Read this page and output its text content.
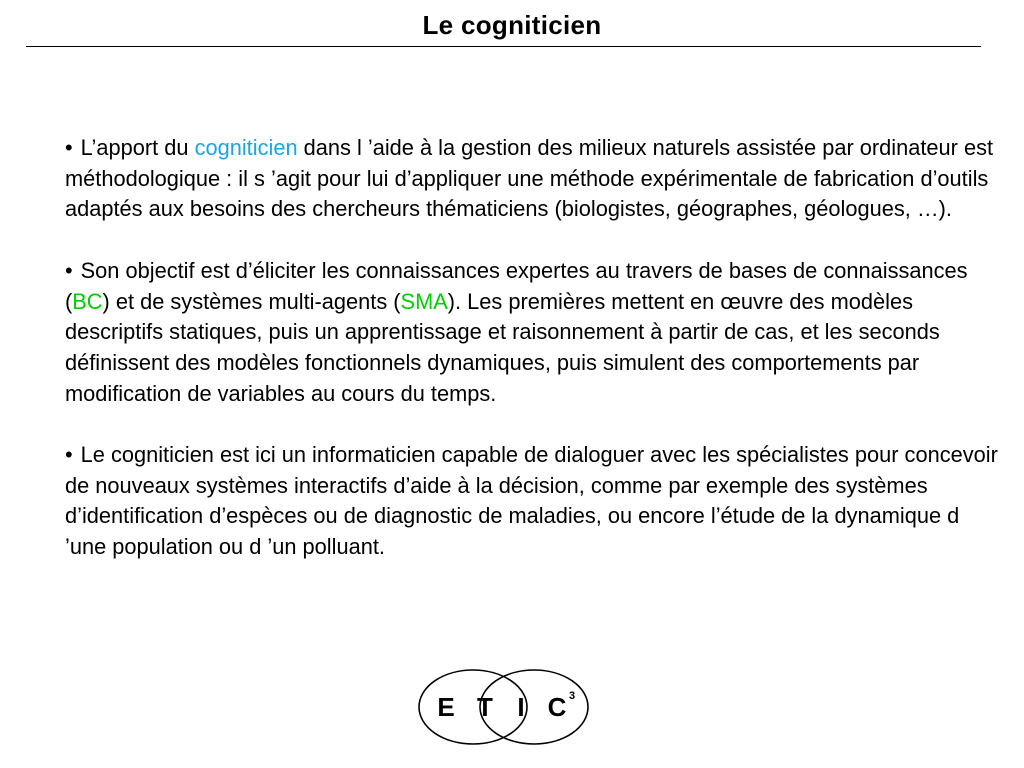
Le cogniticien

• L’apport du cogniticien dans l ’aide à la gestion des milieux naturels assistée par ordinateur est méthodologique : il s ’agit pour lui d’appliquer une méthode expérimentale de fabrication d’outils adaptés aux besoins des chercheurs thématiciens (biologistes, géographes, géologues, …).

• Son objectif est d’éliciter les connaissances expertes au travers de bases de connaissances (BC) et de systèmes multi-agents (SMA). Les premières mettent en œuvre des modèles descriptifs statiques, puis un apprentissage et raisonnement à partir de cas, et les seconds définissent des modèles fonctionnels dynamiques, puis simulent des comportements par modification de variables au cours du temps.

• Le cogniticien est ici un informaticien capable de dialoguer avec les spécialistes pour concevoir de nouveaux systèmes interactifs d’aide à la décision, comme par exemple des systèmes d’identification d’espèces ou de diagnostic de maladies, ou encore l’étude de la dynamique d ’une population ou d ’un polluant.

E T I C 3
